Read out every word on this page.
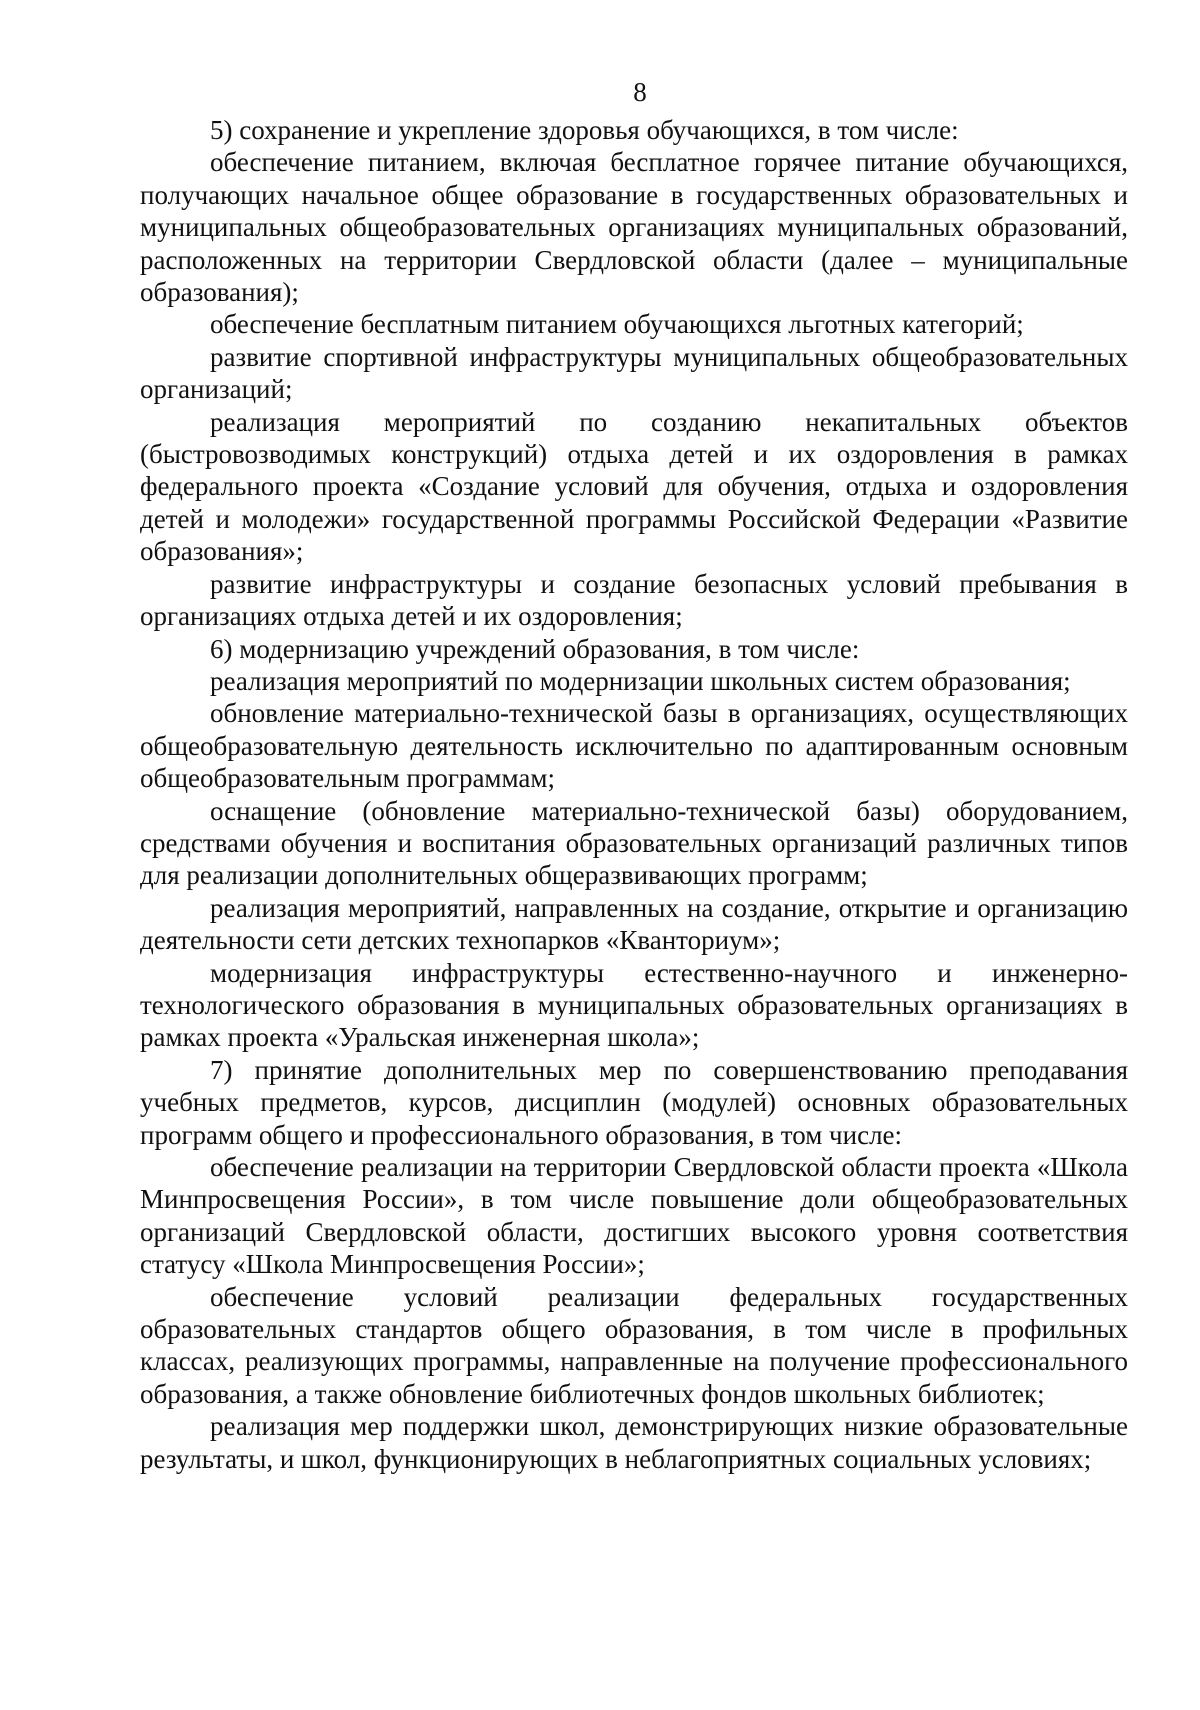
8

5) сохранение и укрепление здоровья обучающихся, в том числе:

обеспечение питанием, включая бесплатное горячее питание обучающихся, получающих начальное общее образование в государственных образовательных и муниципальных общеобразовательных организациях муниципальных образований, расположенных на территории Свердловской области (далее – муниципальные образования);

обеспечение бесплатным питанием обучающихся льготных категорий;

развитие спортивной инфраструктуры муниципальных общеобразовательных организаций;

реализация мероприятий по созданию некапитальных объектов (быстровозводимых конструкций) отдыха детей и их оздоровления в рамках федерального проекта «Создание условий для обучения, отдыха и оздоровления детей и молодежи» государственной программы Российской Федерации «Развитие образования»;

развитие инфраструктуры и создание безопасных условий пребывания в организациях отдыха детей и их оздоровления;

6) модернизацию учреждений образования, в том числе:

реализация мероприятий по модернизации школьных систем образования;

обновление материально-технической базы в организациях, осуществляющих общеобразовательную деятельность исключительно по адаптированным основным общеобразовательным программам;

оснащение (обновление материально-технической базы) оборудованием, средствами обучения и воспитания образовательных организаций различных типов для реализации дополнительных общеразвивающих программ;

реализация мероприятий, направленных на создание, открытие и организацию деятельности сети детских технопарков «Кванториум»;

модернизация инфраструктуры естественно-научного и инженерно-технологического образования в муниципальных образовательных организациях в рамках проекта «Уральская инженерная школа»;

7) принятие дополнительных мер по совершенствованию преподавания учебных предметов, курсов, дисциплин (модулей) основных образовательных программ общего и профессионального образования, в том числе:

обеспечение реализации на территории Свердловской области проекта «Школа Минпросвещения России», в том числе повышение доли общеобразовательных организаций Свердловской области, достигших высокого уровня соответствия статусу «Школа Минпросвещения России»;

обеспечение условий реализации федеральных государственных образовательных стандартов общего образования, в том числе в профильных классах, реализующих программы, направленные на получение профессионального образования, а также обновление библиотечных фондов школьных библиотек;

реализация мер поддержки школ, демонстрирующих низкие образовательные результаты, и школ, функционирующих в неблагоприятных социальных условиях;
